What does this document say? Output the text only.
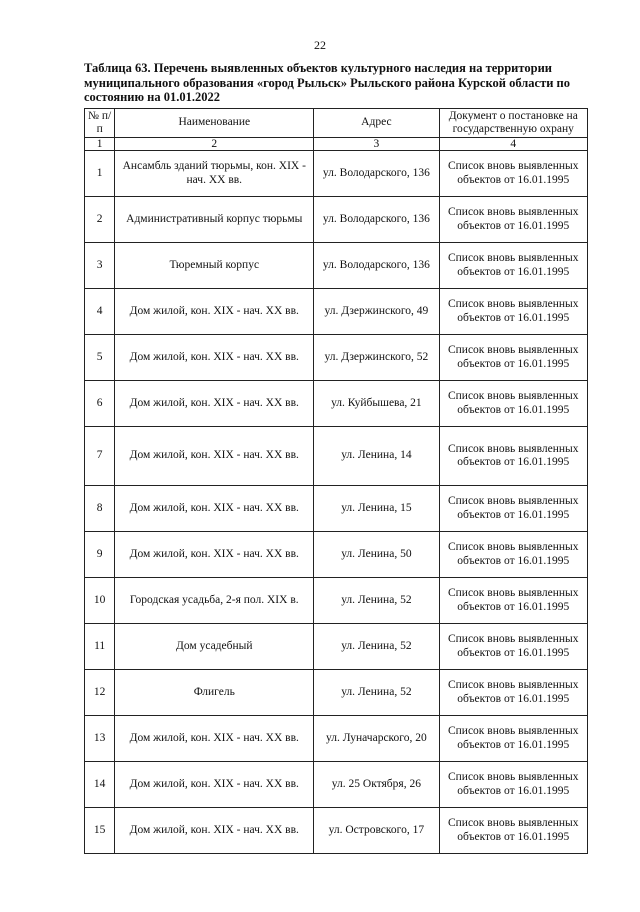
22
Таблица 63. Перечень выявленных объектов культурного наследия на территории муниципального образования «город Рыльск» Рыльского района Курской области по состоянию на 01.01.2022
№ п/п	Наименование	Адрес	Документ о постановке на государственную охрану
1	2	3	4
1	Ансамбль зданий тюрьмы, кон. XIX - нач. XX вв.	ул. Володарского, 136	Список вновь выявленных объектов от 16.01.1995
2	Административный корпус тюрьмы	ул. Володарского, 136	Список вновь выявленных объектов от 16.01.1995
3	Тюремный корпус	ул. Володарского, 136	Список вновь выявленных объектов от 16.01.1995
4	Дом жилой, кон. XIX - нач. XX вв.	ул. Дзержинского, 49	Список вновь выявленных объектов от 16.01.1995
5	Дом жилой, кон. XIX - нач. XX вв.	ул. Дзержинского, 52	Список вновь выявленных объектов от 16.01.1995
6	Дом жилой, кон. XIX - нач. XX вв.	ул. Куйбышева, 21	Список вновь выявленных объектов от 16.01.1995
7	Дом жилой, кон. XIX - нач. XX вв.	ул. Ленина, 14	Список вновь выявленных объектов от 16.01.1995
8	Дом жилой, кон. XIX - нач. XX вв.	ул. Ленина, 15	Список вновь выявленных объектов от 16.01.1995
9	Дом жилой, кон. XIX - нач. XX вв.	ул. Ленина, 50	Список вновь выявленных объектов от 16.01.1995
10	Городская усадьба, 2-я пол. XIX в.	ул. Ленина, 52	Список вновь выявленных объектов от 16.01.1995
11	Дом усадебный	ул. Ленина, 52	Список вновь выявленных объектов от 16.01.1995
12	Флигель	ул. Ленина, 52	Список вновь выявленных объектов от 16.01.1995
13	Дом жилой, кон. XIX - нач. XX вв.	ул. Луначарского, 20	Список вновь выявленных объектов от 16.01.1995
14	Дом жилой, кон. XIX - нач. XX вв.	ул. 25 Октября, 26	Список вновь выявленных объектов от 16.01.1995
15	Дом жилой, кон. XIX - нач. XX вв.	ул. Островского, 17	Список вновь выявленных объектов от 16.01.1995
